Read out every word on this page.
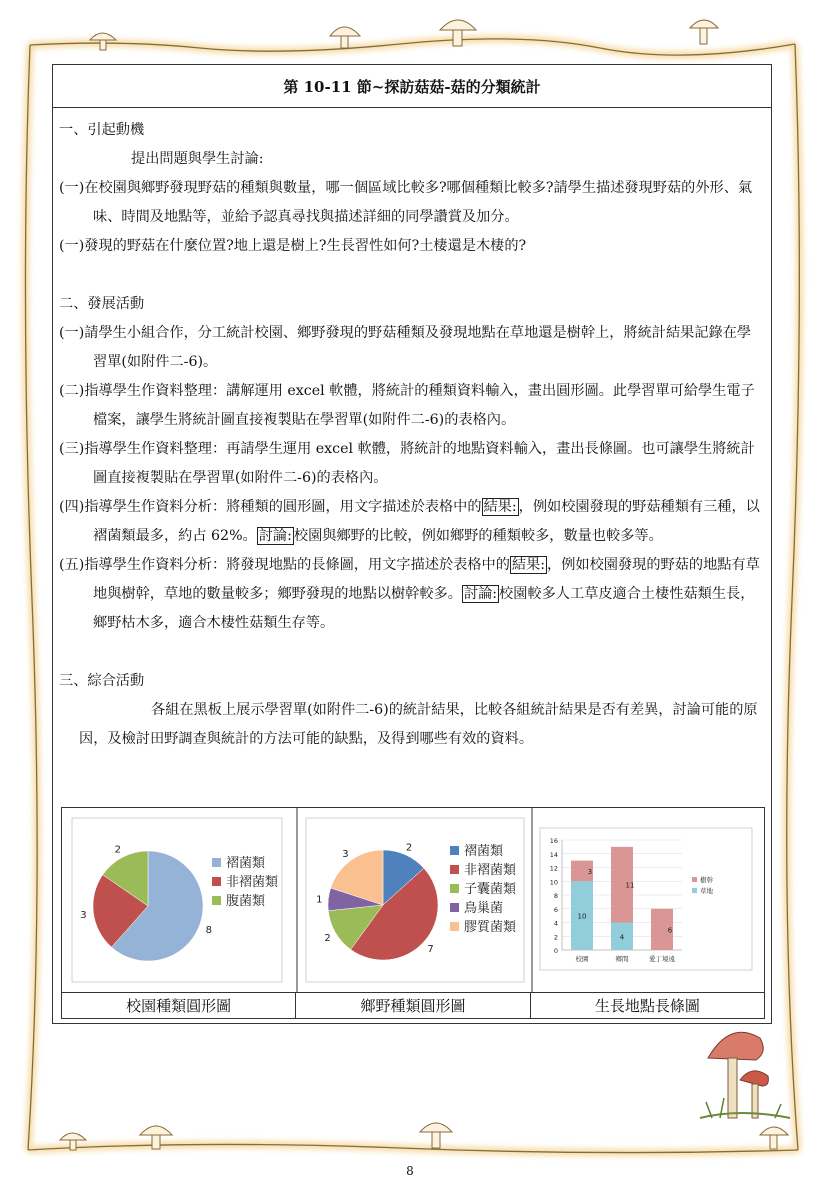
第 10-11 節~探訪菇菇-菇的分類統計

一、引起動機

提出問題與學生討論:

(一)在校園與鄉野發現野菇的種類與數量，哪一個區域比較多?哪個種類比較多?請學生描述發現野菇的外形、氣味、時間及地點等，並給予認真尋找與描述詳細的同學讚賞及加分。

(一)發現的野菇在什麼位置?地上還是樹上?生長習性如何?土棲還是木棲的?

二、發展活動

(一)請學生小組合作，分工統計校園、鄉野發現的野菇種類及發現地點在草地還是樹幹上，將統計結果記錄在學習單(如附件二-6)。

(二)指導學生作資料整理：講解運用 excel 軟體，將統計的種類資料輸入，畫出圓形圖。此學習單可給學生電子檔案，讓學生將統計圖直接複製貼在學習單(如附件二-6)的表格內。

(三)指導學生作資料整理：再請學生運用 excel 軟體，將統計的地點資料輸入，畫出長條圖。也可讓學生將統計圖直接複製貼在學習單(如附件二-6)的表格內。

(四)指導學生作資料分析：將種類的圓形圖，用文字描述於表格中的 結果: ，例如校園發現的野菇種類有三種，以褶菌類最多，約占 62%。 討論: 校園與鄉野的比較，例如鄉野的種類較多，數量也較多等。

(五)指導學生作資料分析：將發現地點的長條圖，用文字描述於表格中的 結果: ，例如校園發現的野菇的地點有草地與樹幹，草地的數量較多；鄉野發現的地點以樹幹較多。 討論: 校園較多人工草皮適合土棲性菇類生長，鄉野枯木多，適合木棲性菇類生存等。

三、綜合活動

各組在黑板上展示學習單(如附件二-6)的統計結果，比較各組統計結果是否有差異，討論可能的原因，及檢討田野調查與統計的方法可能的缺點，及得到哪些有效的資料。

8
3
2
褶菌類
非褶菌類
腹菌類
2
7
2
1
3	褶菌類
非褶菌類
子囊菌類
鳥巢菌
膠質菌類
0
2
4
6
8
10
12
14
16
10
3
校園
4
11
鄉間
6
愛丁境遠
樹幹
草地
校園種類圓形圖	鄉野種類圓形圖	生長地點長條圖
8
